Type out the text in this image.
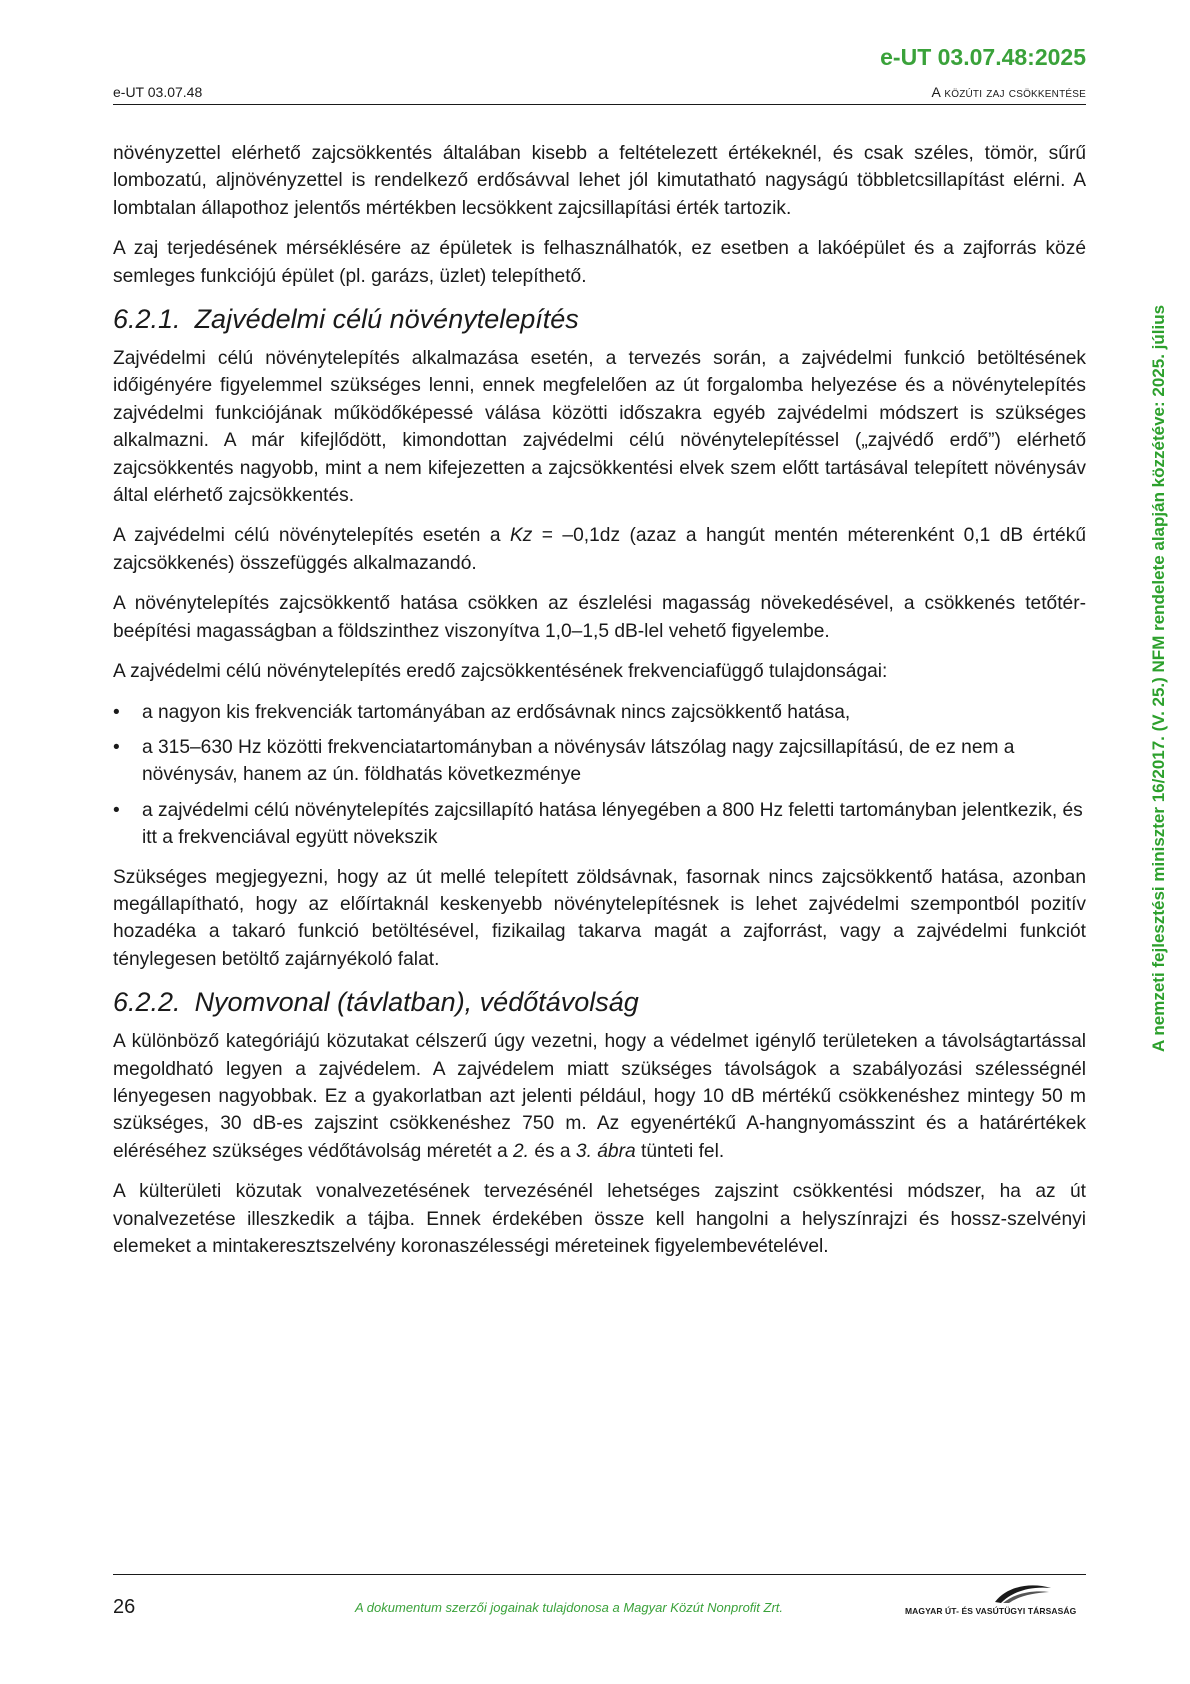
e-UT 03.07.48:2025
e-UT 03.07.48	A közúti zaj csökkentése

növényzettel elérhető zajcsökkentés általában kisebb a feltételezett értékeknél, és csak széles, tömör, sűrű lombozatú, aljnövényzettel is rendelkező erdősávval lehet jól kimutatható nagyságú többletcsillapítást elérni. A lombtalan állapothoz jelentős mértékben lecsökkent zajcsillapítási érték tartozik.

A zaj terjedésének mérséklésére az épületek is felhasználhatók, ez esetben a lakóépület és a zajforrás közé semleges funkciójú épület (pl. garázs, üzlet) telepíthető.

6.2.1. Zajvédelmi célú növénytelepítés

Zajvédelmi célú növénytelepítés alkalmazása esetén, a tervezés során, a zajvédelmi funkció betöltésének időigényére figyelemmel szükséges lenni, ennek megfelelően az út forgalomba helyezése és a növénytelepítés zajvédelmi funkciójának működőképessé válása közötti időszakra egyéb zajvédelmi módszert is szükséges alkalmazni. A már kifejlődött, kimondottan zajvédelmi célú növénytelepítéssel („zajvédő erdő”) elérhető zajcsökkentés nagyobb, mint a nem kifejezetten a zajcsökkentési elvek szem előtt tartásával telepített növénysáv által elérhető zajcsökkentés.

A zajvédelmi célú növénytelepítés esetén a Kz = –0,1dz (azaz a hangút mentén méterenként 0,1 dB értékű zajcsökkenés) összefüggés alkalmazandó.

A növénytelepítés zajcsökkentő hatása csökken az észlelési magasság növekedésével, a csökkenés tetőtér-beépítési magasságban a földszinthez viszonyítva 1,0–1,5 dB-lel vehető figyelembe.

A zajvédelmi célú növénytelepítés eredő zajcsökkentésének frekvenciafüggő tulajdonságai:

• a nagyon kis frekvenciák tartományában az erdősávnak nincs zajcsökkentő hatása,
• a 315–630 Hz közötti frekvenciatartományban a növénysáv látszólag nagy zajcsillapítású, de ez nem a növénysáv, hanem az ún. földhatás következménye
• a zajvédelmi célú növénytelepítés zajcsillapító hatása lényegében a 800 Hz feletti tartományban jelentkezik, és itt a frekvenciával együtt növekszik

Szükséges megjegyezni, hogy az út mellé telepített zöldsávnak, fasornak nincs zajcsökkentő hatása, azonban megállapítható, hogy az előírtaknál keskenyebb növénytelepítésnek is lehet zajvédelmi szempontból pozitív hozadéka a takaró funkció betöltésével, fizikailag takarva magát a zajforrást, vagy a zajvédelmi funkciót ténylegesen betöltő zajárnyékoló falat.

6.2.2. Nyomvonal (távlatban), védőtávolság

A különböző kategóriájú közutakat célszerű úgy vezetni, hogy a védelmet igénylő területeken a távolságtartással megoldható legyen a zajvédelem. A zajvédelem miatt szükséges távolságok a szabályozási szélességnél lényegesen nagyobbak. Ez a gyakorlatban azt jelenti például, hogy 10 dB mértékű csökkenéshez mintegy 50 m szükséges, 30 dB-es zajszint csökkenéshez 750 m. Az egyenértékű A-hangnyomásszint és a határértékek eléréséhez szükséges védőtávolság méretét a 2. és a 3. ábra tünteti fel.

A külterületi közutak vonalvezetésének tervezésénél lehetséges zajszint csökkentési módszer, ha az út vonalvezetése illeszkedik a tájba. Ennek érdekében össze kell hangolni a helyszínrajzi és hossz-szelvényi elemeket a mintakeresztszelvény koronaszélességi méreteinek figyelembevételével.

A nemzeti fejlesztési miniszter 16/2017. (V. 25.) NFM rendelete alapján közzétéve: 2025. július
26	A dokumentum szerzői jogainak tulajdonosa a Magyar Közút Nonprofit Zrt.	MAGYAR ÚT- ÉS VASÚTÜGYI TÁRSASÁG
